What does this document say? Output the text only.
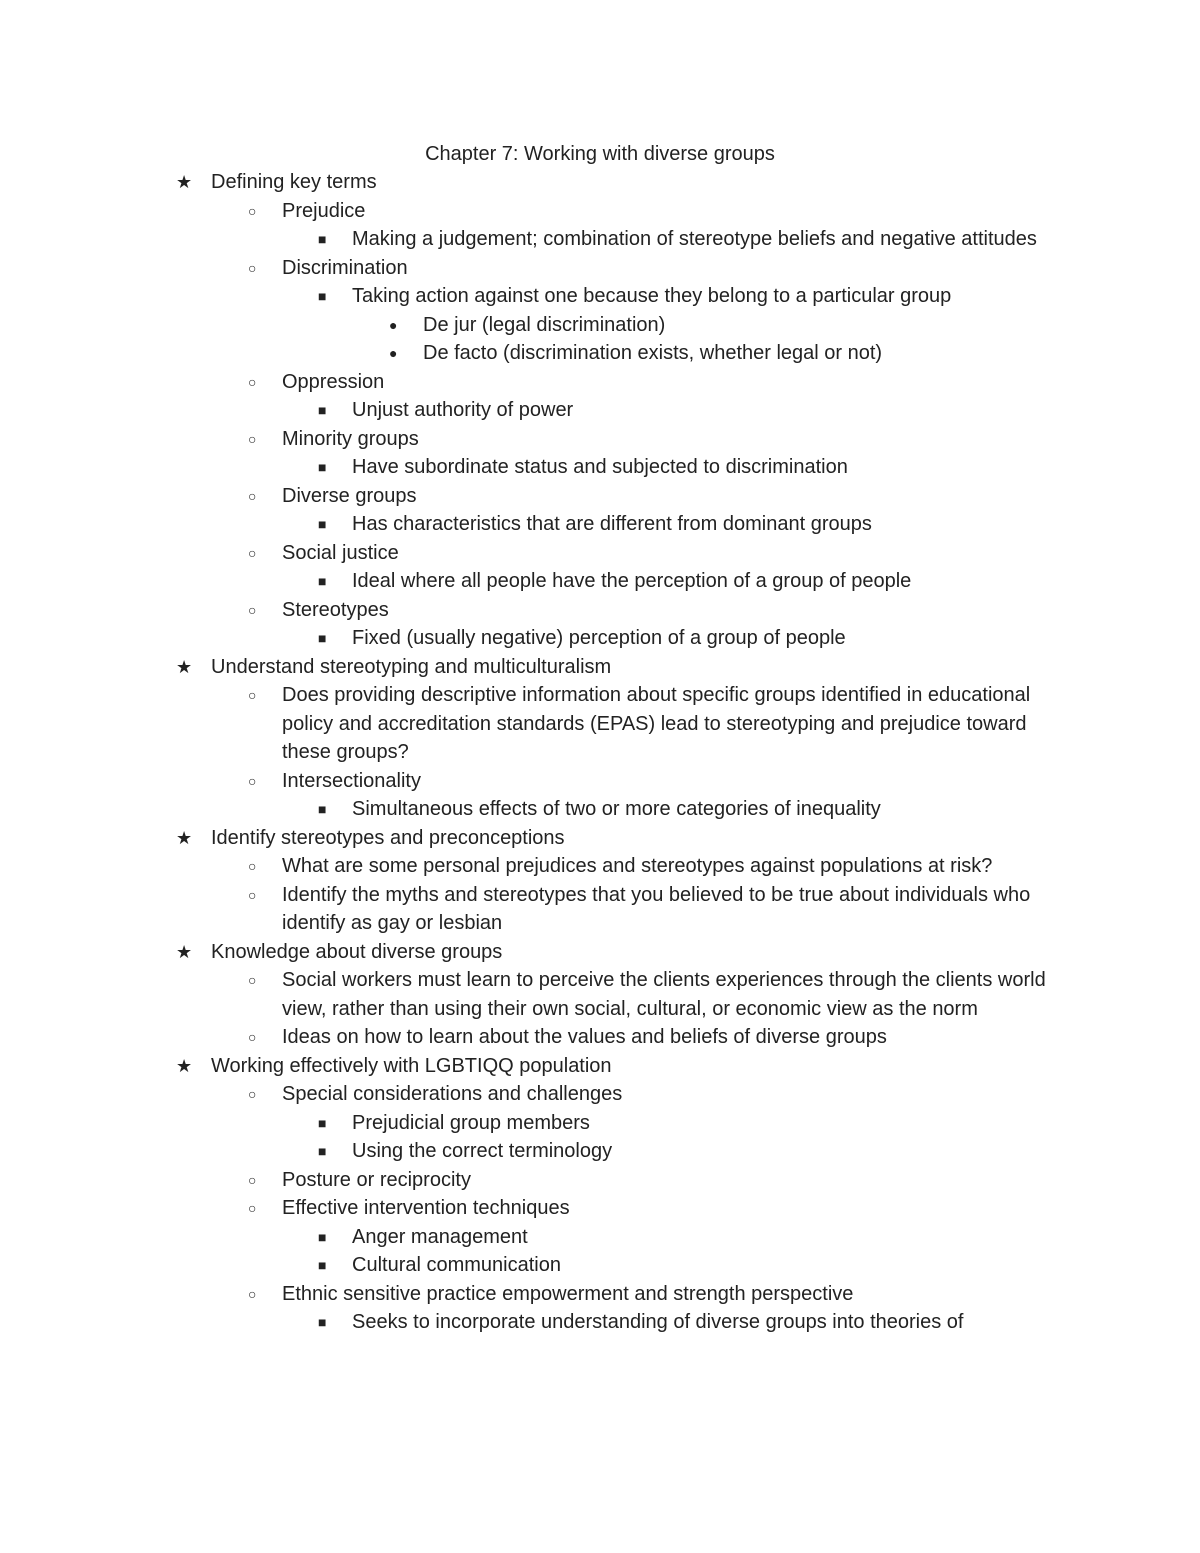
Chapter 7: Working with diverse groups
★ Defining key terms
○ Prejudice
■ Making a judgement; combination of stereotype beliefs and negative attitudes
○ Discrimination
■ Taking action against one because they belong to a particular group
● De jur (legal discrimination)
● De facto (discrimination exists, whether legal or not)
○ Oppression
■ Unjust authority of power
○ Minority groups
■ Have subordinate status and subjected to discrimination
○ Diverse groups
■ Has characteristics that are different from dominant groups
○ Social justice
■ Ideal where all people have the perception of a group of people
○ Stereotypes
■ Fixed (usually negative) perception of a group of people
★ Understand stereotyping and multiculturalism
○ Does providing descriptive information about specific groups identified in educational policy and accreditation standards (EPAS) lead to stereotyping and prejudice toward these groups?
○ Intersectionality
■ Simultaneous effects of two or more categories of inequality
★ Identify stereotypes and preconceptions
○ What are some personal prejudices and stereotypes against populations at risk?
○ Identify the myths and stereotypes that you believed to be true about individuals who identify as gay or lesbian
★ Knowledge about diverse groups
○ Social workers must learn to perceive the clients experiences through the clients world view, rather than using their own social, cultural, or economic view as the norm
○ Ideas on how to learn about the values and beliefs of diverse groups
★ Working effectively with LGBTIQQ population
○ Special considerations and challenges
■ Prejudicial group members
■ Using the correct terminology
○ Posture or reciprocity
○ Effective intervention techniques
■ Anger management
■ Cultural communication
○ Ethnic sensitive practice empowerment and strength perspective
■ Seeks to incorporate understanding of diverse groups into theories of
